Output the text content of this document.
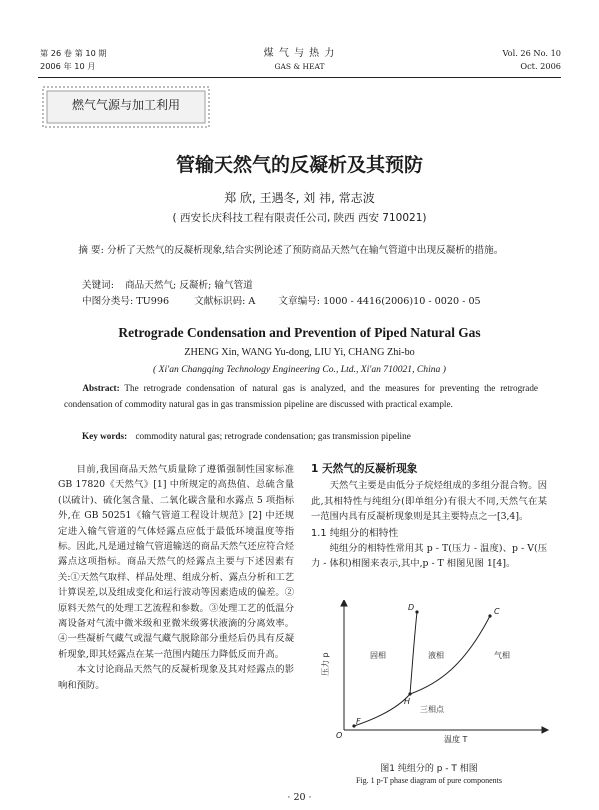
第 26 卷 第 10 期
2006 年 10 月
煤 气 与 热 力
GAS & HEAT
Vol. 26 No. 10
Oct. 2006
燃气气源与加工利用
管输天然气的反凝析及其预防
郑 欣, 王遇冬, 刘 祎, 常志波
( 西安长庆科技工程有限责任公司, 陕西 西安 710021)
摘 要: 分析了天然气的反凝析现象,结合实例论述了预防商品天然气在输气管道中出现反凝析的措施。
关键词: 商品天然气; 反凝析; 输气管道
中图分类号: TU996	文献标识码: A 文章编号: 1000 - 4416(2006)10 - 0020 - 05
Retrograde Condensation and Prevention of Piped Natural Gas
ZHENG Xin, WANG Yu-dong, LIU Yi, CHANG Zhi-bo
( Xi'an Changqing Technology Engineering Co., Ltd., Xi'an 710021, China )
Abstract: The retrograde condensation of natural gas is analyzed, and the measures for preventing the retrograde condensation of commodity natural gas in gas transmission pipeline are discussed with practical example.
Key words: commodity natural gas; retrograde condensation; gas transmission pipeline

目前,我国商品天然气质量除了遵循强制性国家标准 GB 17820《天然气》[1] 中所规定的高热值、总硫含量(以硫计)、硫化氢含量、二氧化碳含量和水露点 5 项指标外,在 GB 50251《输气管道工程设计规范》[2] 中还规定进入输气管道的气体烃露点应低于最低环境温度等指标。因此,凡是通过输气管道输送的商品天然气还应符合烃露点这项指标。商品天然气的烃露点主要与下述因素有关:①天然气取样、样品处理、组成分析、露点分析和工艺计算误差,以及组成变化和运行波动等因素造成的偏差。②原料天然气的处理工艺流程和参数。③处理工艺的低温分离设备对气流中微米级和亚微米级雾状液滴的分离效率。④一些凝析气藏气或湿气藏气脱除部分重烃后仍具有反凝析现象,即其烃露点在某一范围内随压力降低反而升高。

本文讨论商品天然气的反凝析现象及其对烃露点的影响和预防。

1 天然气的反凝析现象

天然气主要是由低分子烷烃组成的多组分混合物。因此,其相特性与纯组分(即单组分)有很大不同,天然气在某一范围内具有反凝析现象则是其主要特点之一[3,4]。

1.1 纯组分的相特性

纯组分的相特性常用其 p - T(压力 - 温度)、p - V(压力 - 体积)相图来表示,其中,p - T 相图见图 1[4]。

压力 p
温度 T
固相	液相	气相
三相点
D	C
H
F
O
图1 纯组分的 p - T 相图
Fig. 1 p-T phase diagram of pure components
· 20 ·
